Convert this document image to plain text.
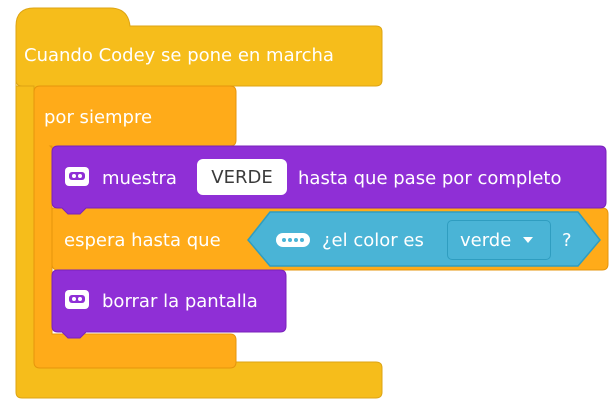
Cuando Codey se pone en marcha
por siempre
muestra	VERDE	hasta que pase por completo
espera hasta que	¿el color es verde	?
borrar la pantalla
